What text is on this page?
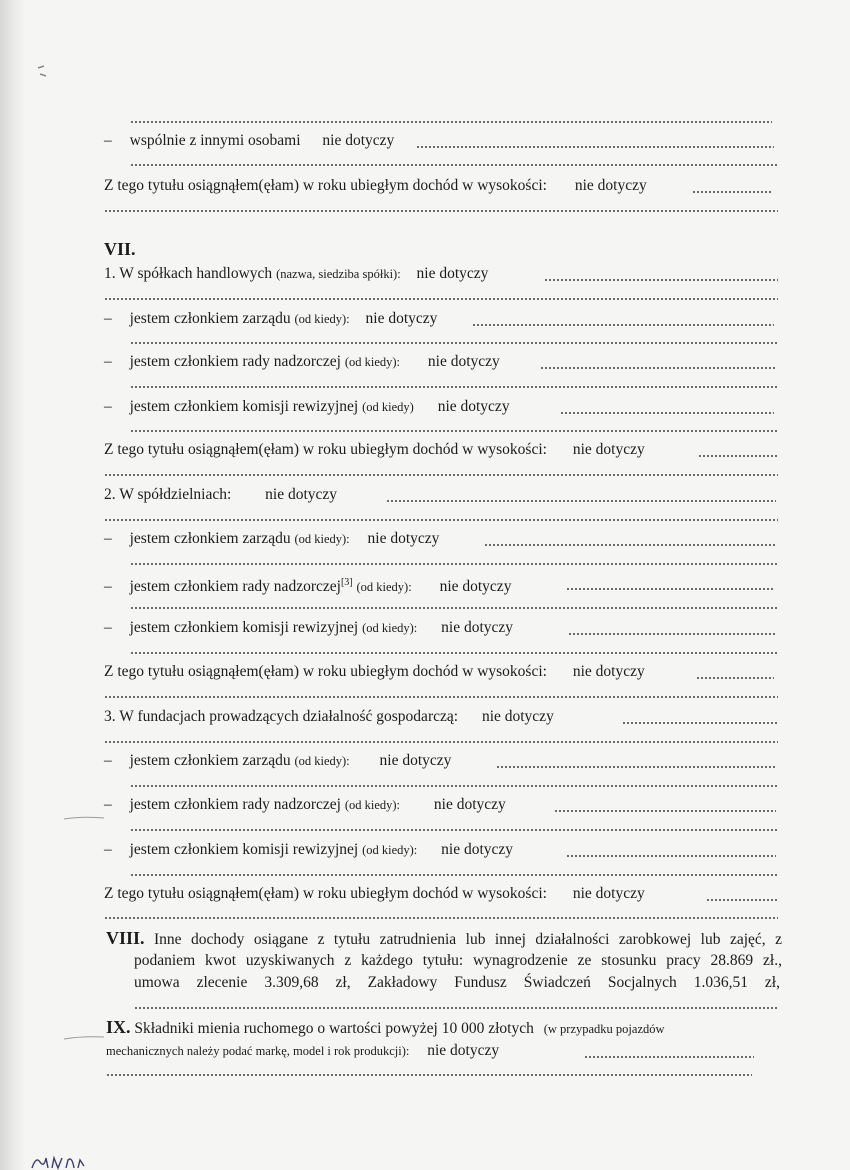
– wspólnie z innymi osobami nie dotyczy
Z tego tytułu osiągnąłem(ęłam) w roku ubiegłym dochód w wysokości: nie dotyczy
VII.
1. W spółkach handlowych (nazwa, siedziba spółki): nie dotyczy
– jestem członkiem zarządu (od kiedy): nie dotyczy
– jestem członkiem rady nadzorczej (od kiedy): nie dotyczy
– jestem członkiem komisji rewizyjnej (od kiedy) nie dotyczy
Z tego tytułu osiągnąłem(ęłam) w roku ubiegłym dochód w wysokości: nie dotyczy
2. W spółdzielniach: nie dotyczy
– jestem członkiem zarządu (od kiedy): nie dotyczy
– jestem członkiem rady nadzorczej[3] (od kiedy): nie dotyczy
– jestem członkiem komisji rewizyjnej (od kiedy): nie dotyczy
Z tego tytułu osiągnąłem(ęłam) w roku ubiegłym dochód w wysokości: nie dotyczy
3. W fundacjach prowadzących działalność gospodarczą: nie dotyczy
– jestem członkiem zarządu (od kiedy): nie dotyczy
– jestem członkiem rady nadzorczej (od kiedy): nie dotyczy
– jestem członkiem komisji rewizyjnej (od kiedy): nie dotyczy
Z tego tytułu osiągnąłem(ęłam) w roku ubiegłym dochód w wysokości: nie dotyczy
VIII. Inne dochody osiągane z tytułu zatrudnienia lub innej działalności zarobkowej lub zajęć, z
podaniem kwot uzyskiwanych z każdego tytułu: wynagrodzenie ze stosunku pracy 28.869 zł.,
umowa zlecenie 3.309,68 zł, Zakładowy Fundusz Świadczeń Socjalnych 1.036,51 zł,
IX. Składniki mienia ruchomego o wartości powyżej 10 000 złotych (w przypadku pojazdów
mechanicznych należy podać markę, model i rok produkcji): nie dotyczy
